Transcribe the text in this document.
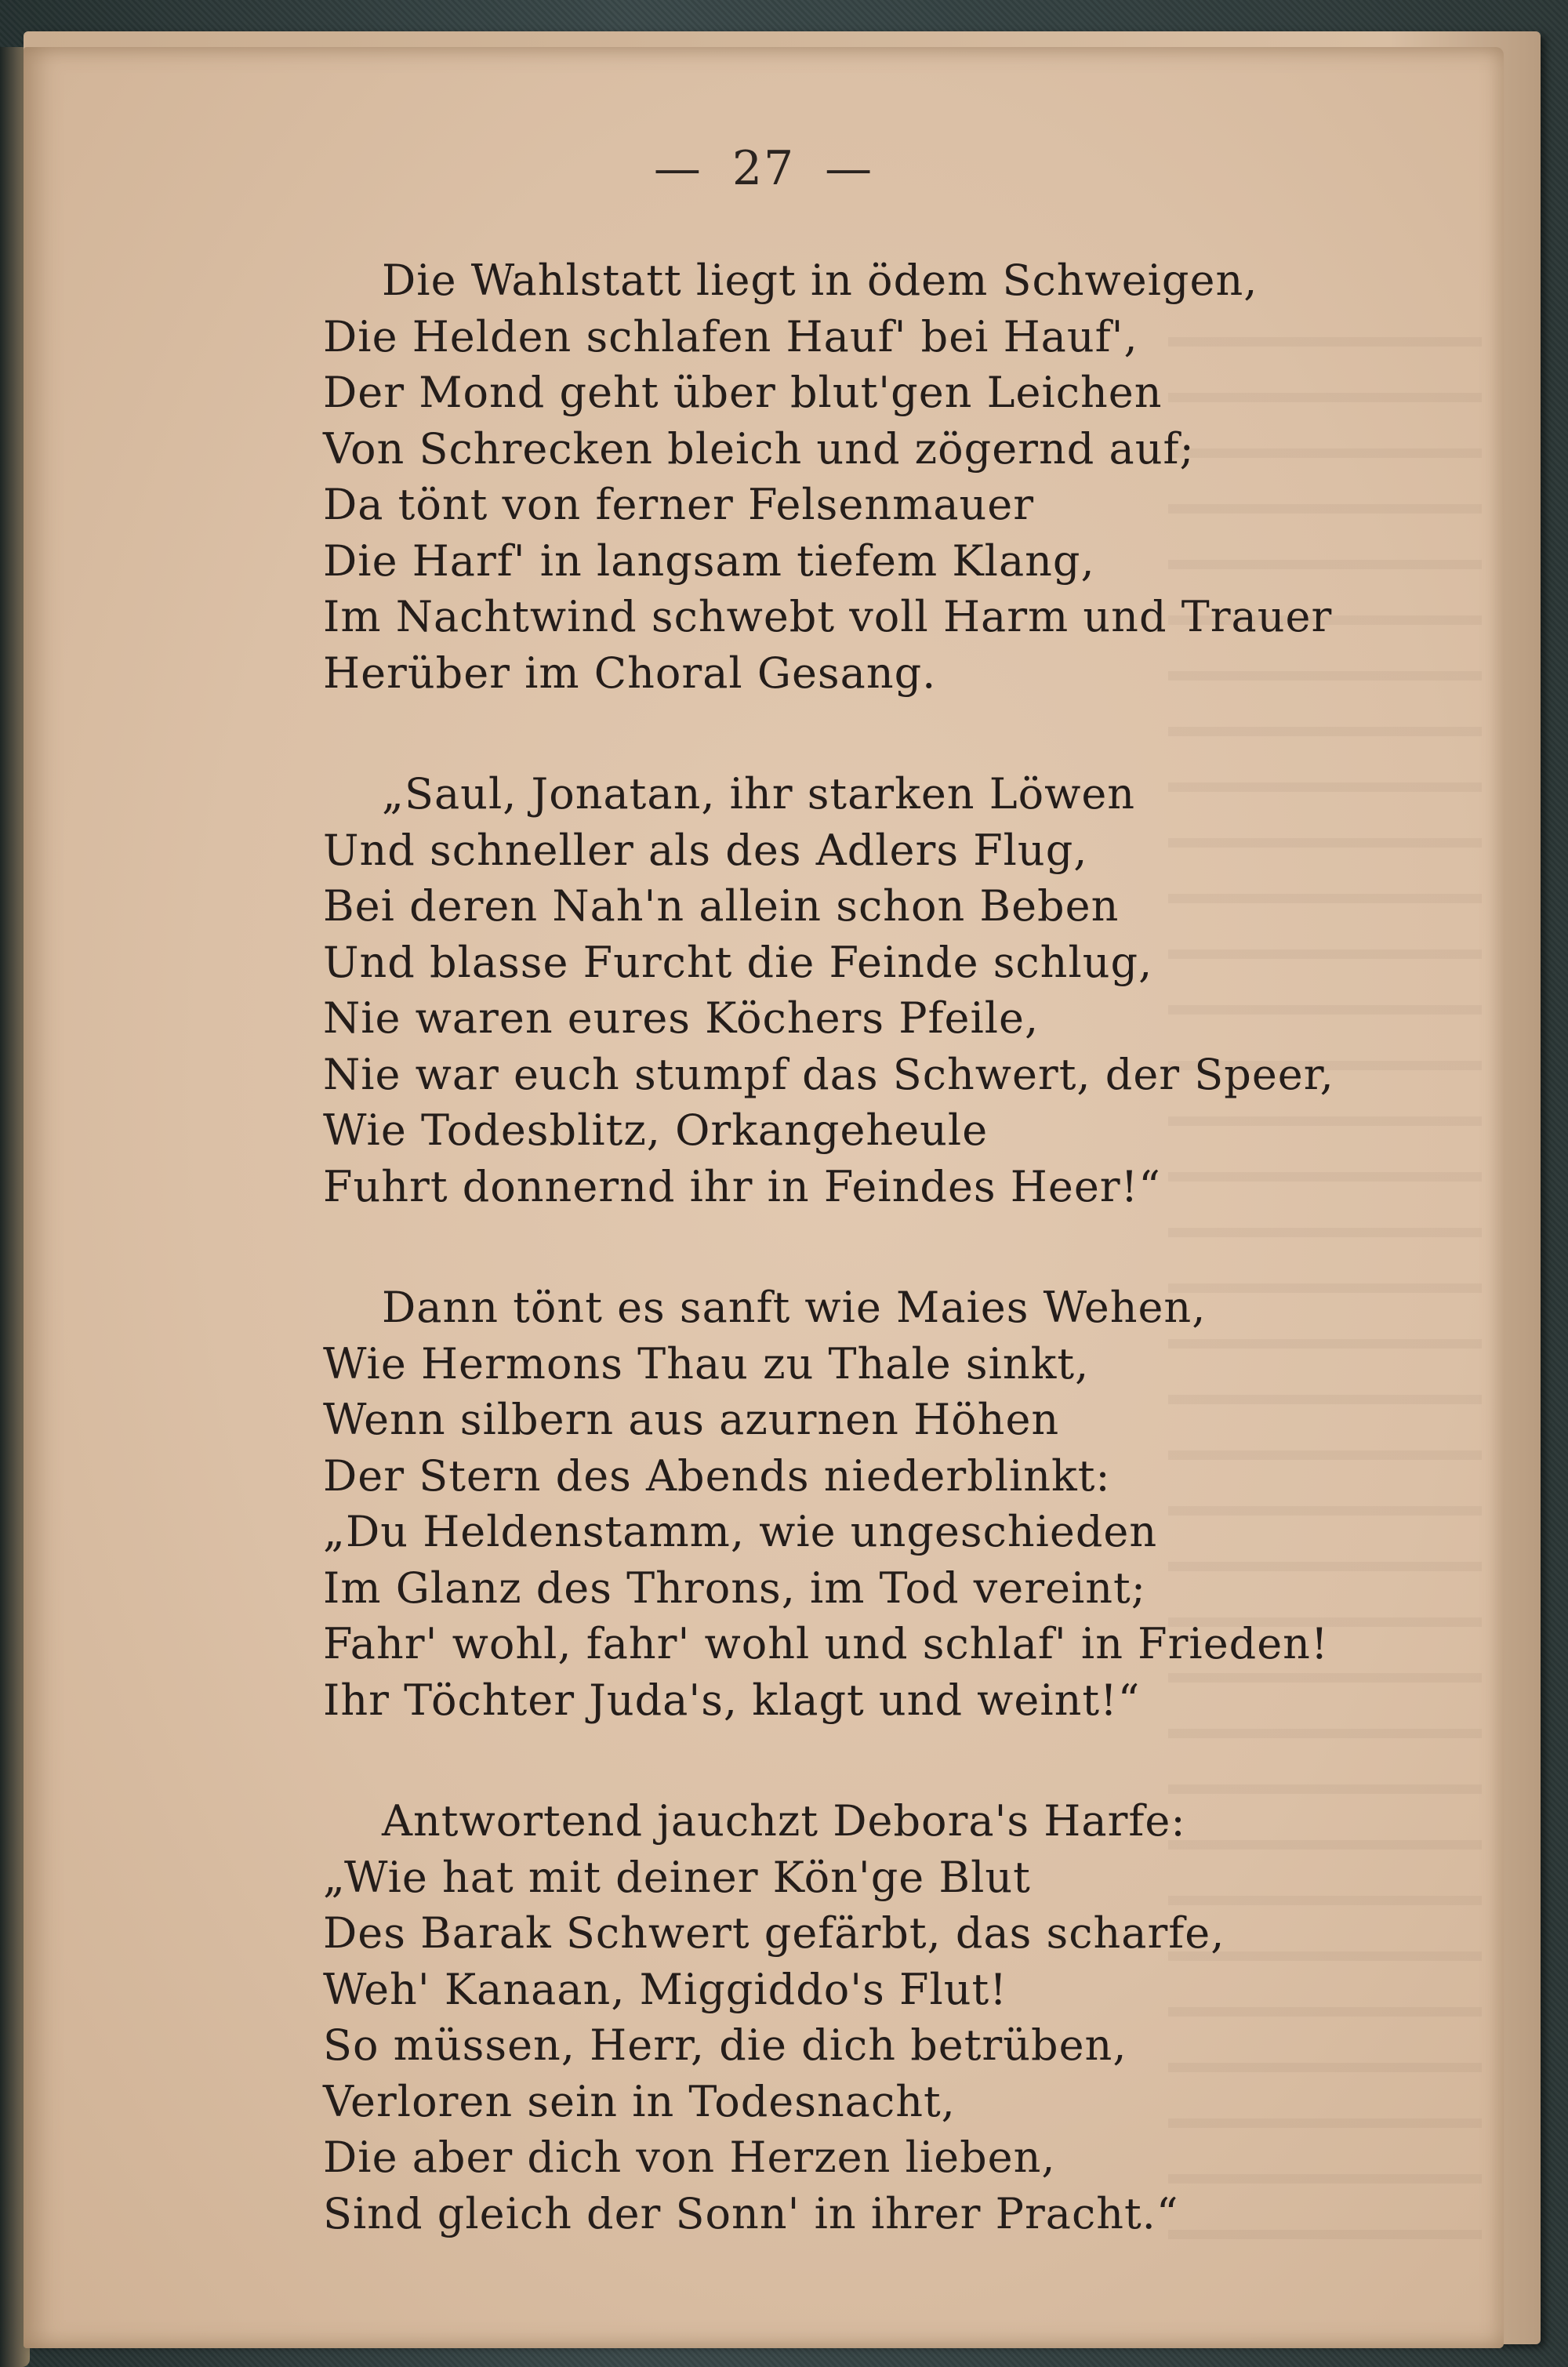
— 27 —

Die Wahlstatt liegt in ödem Schweigen,
Die Helden schlafen Hauf' bei Hauf',
Der Mond geht über blut'gen Leichen
Von Schrecken bleich und zögernd auf;
Da tönt von ferner Felsenmauer
Die Harf' in langsam tiefem Klang,
Im Nachtwind schwebt voll Harm und Trauer
Herüber im Choral Gesang.

„Saul, Jonatan, ihr starken Löwen
Und schneller als des Adlers Flug,
Bei deren Nah'n allein schon Beben
Und blasse Furcht die Feinde schlug,
Nie waren eures Köchers Pfeile,
Nie war euch stumpf das Schwert, der Speer,
Wie Todesblitz, Orkangeheule
Fuhrt donnernd ihr in Feindes Heer!“

Dann tönt es sanft wie Maies Wehen,
Wie Hermons Thau zu Thale sinkt,
Wenn silbern aus azurnen Höhen
Der Stern des Abends niederblinkt:
„Du Heldenstamm, wie ungeschieden
Im Glanz des Throns, im Tod vereint;
Fahr' wohl, fahr' wohl und schlaf' in Frieden!
Ihr Töchter Juda's, klagt und weint!“

Antwortend jauchzt Debora's Harfe:
„Wie hat mit deiner Kön'ge Blut
Des Barak Schwert gefärbt, das scharfe,
Weh' Kanaan, Miggiddo's Flut!
So müssen, Herr, die dich betrüben,
Verloren sein in Todesnacht,
Die aber dich von Herzen lieben,
Sind gleich der Sonn' in ihrer Pracht.“
